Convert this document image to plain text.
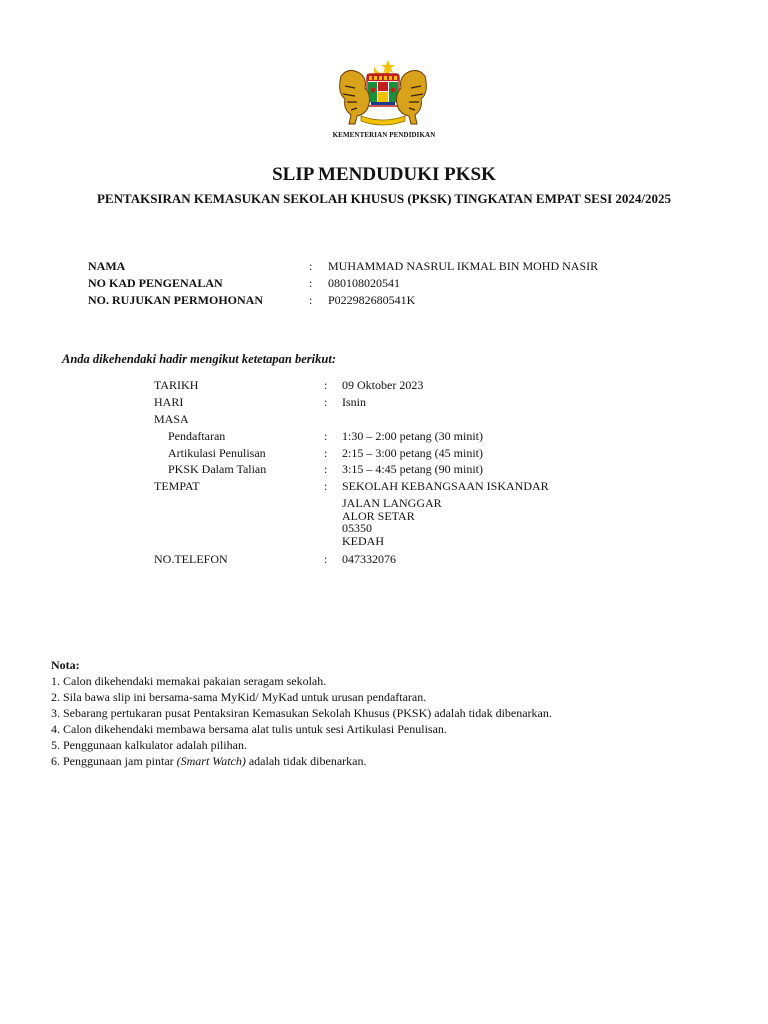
KEMENTERIAN PENDIDIKAN
SLIP MENDUDUKI PKSK
PENTAKSIRAN KEMASUKAN SEKOLAH KHUSUS (PKSK) TINGKATAN EMPAT SESI 2024/2025
NAMA	: MUHAMMAD NASRUL IKMAL BIN MOHD NASIR
NO KAD PENGENALAN	: 080108020541
NO. RUJUKAN PERMOHONAN	: P022982680541K
Anda dikehendaki hadir mengikut ketetapan berikut:
TARIKH	: 09 Oktober 2023
HARI	: Isnin
MASA
Pendaftaran	: 1:30 – 2:00 petang (30 minit)
Artikulasi Penulisan	: 2:15 – 3:00 petang (45 minit)
PKSK Dalam Talian	: 3:15 – 4:45 petang (90 minit)
TEMPAT	: SEKOLAH KEBANGSAAN ISKANDAR
JALAN LANGGAR
ALOR SETAR
05350
KEDAH
NO.TELEFON	: 047332076
Nota:
1. Calon dikehendaki memakai pakaian seragam sekolah.
2. Sila bawa slip ini bersama-sama MyKid/ MyKad untuk urusan pendaftaran.
3. Sebarang pertukaran pusat Pentaksiran Kemasukan Sekolah Khusus (PKSK) adalah tidak dibenarkan.
4. Calon dikehendaki membawa bersama alat tulis untuk sesi Artikulasi Penulisan.
5. Penggunaan kalkulator adalah pilihan.
6. Penggunaan jam pintar (Smart Watch) adalah tidak dibenarkan.
